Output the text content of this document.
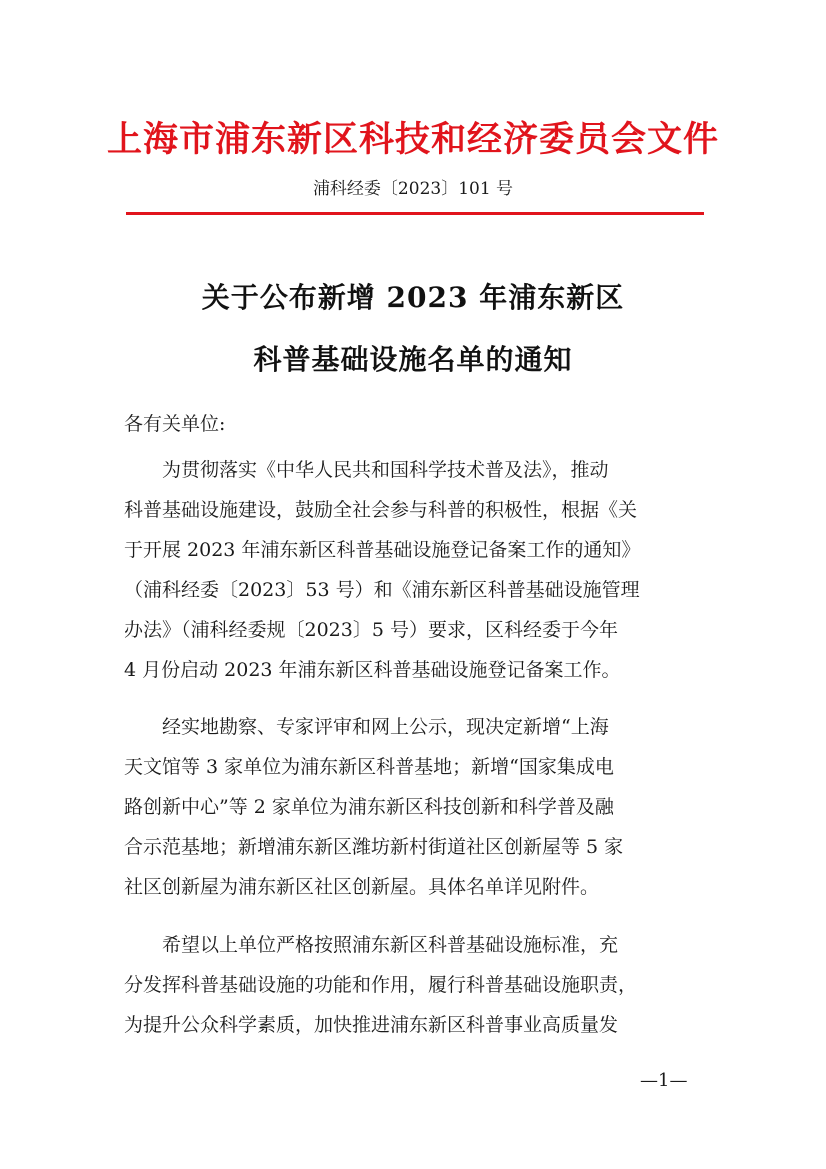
上海市浦东新区科技和经济委员会文件
浦科经委〔2023〕101 号
关于公布新增 2023 年浦东新区
科普基础设施名单的通知
各有关单位:
为贯彻落实《中华人民共和国科学技术普及法》，推动
科普基础设施建设，鼓励全社会参与科普的积极性，根据《关
于开展 2023 年浦东新区科普基础设施登记备案工作的通知》
（浦科经委〔2023〕53 号）和《浦东新区科普基础设施管理
办法》（浦科经委规〔2023〕5 号）要求，区科经委于今年
4 月份启动 2023 年浦东新区科普基础设施登记备案工作。
经实地勘察、专家评审和网上公示，现决定新增“上海
天文馆等 3 家单位为浦东新区科普基地；新增“国家集成电
路创新中心”等 2 家单位为浦东新区科技创新和科学普及融
合示范基地；新增浦东新区潍坊新村街道社区创新屋等 5 家
社区创新屋为浦东新区社区创新屋。具体名单详见附件。
希望以上单位严格按照浦东新区科普基础设施标准，充
分发挥科普基础设施的功能和作用，履行科普基础设施职责，
为提升公众科学素质，加快推进浦东新区科普事业高质量发
—1—
